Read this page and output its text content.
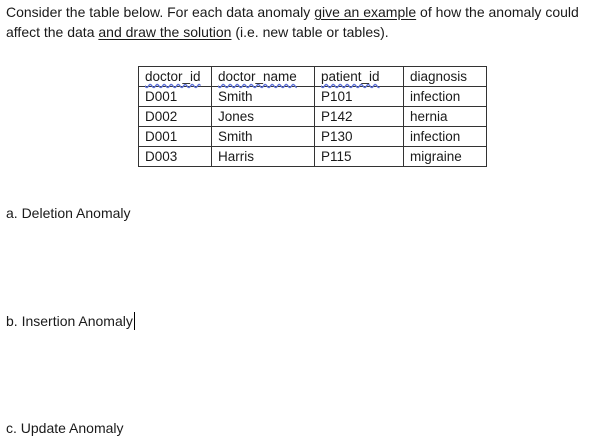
Consider the table below. For each data anomaly give an example of how the anomaly could
affect the data and draw the solution (i.e. new table or tables).
doctor_id	doctor_name	patient_id	diagnosis
D001	Smith	P101	infection
D002	Jones	P142	hernia
D001	Smith	P130	infection
D003	Harris	P115	migraine

a. Deletion Anomaly

b. Insertion Anomaly

c. Update Anomaly
